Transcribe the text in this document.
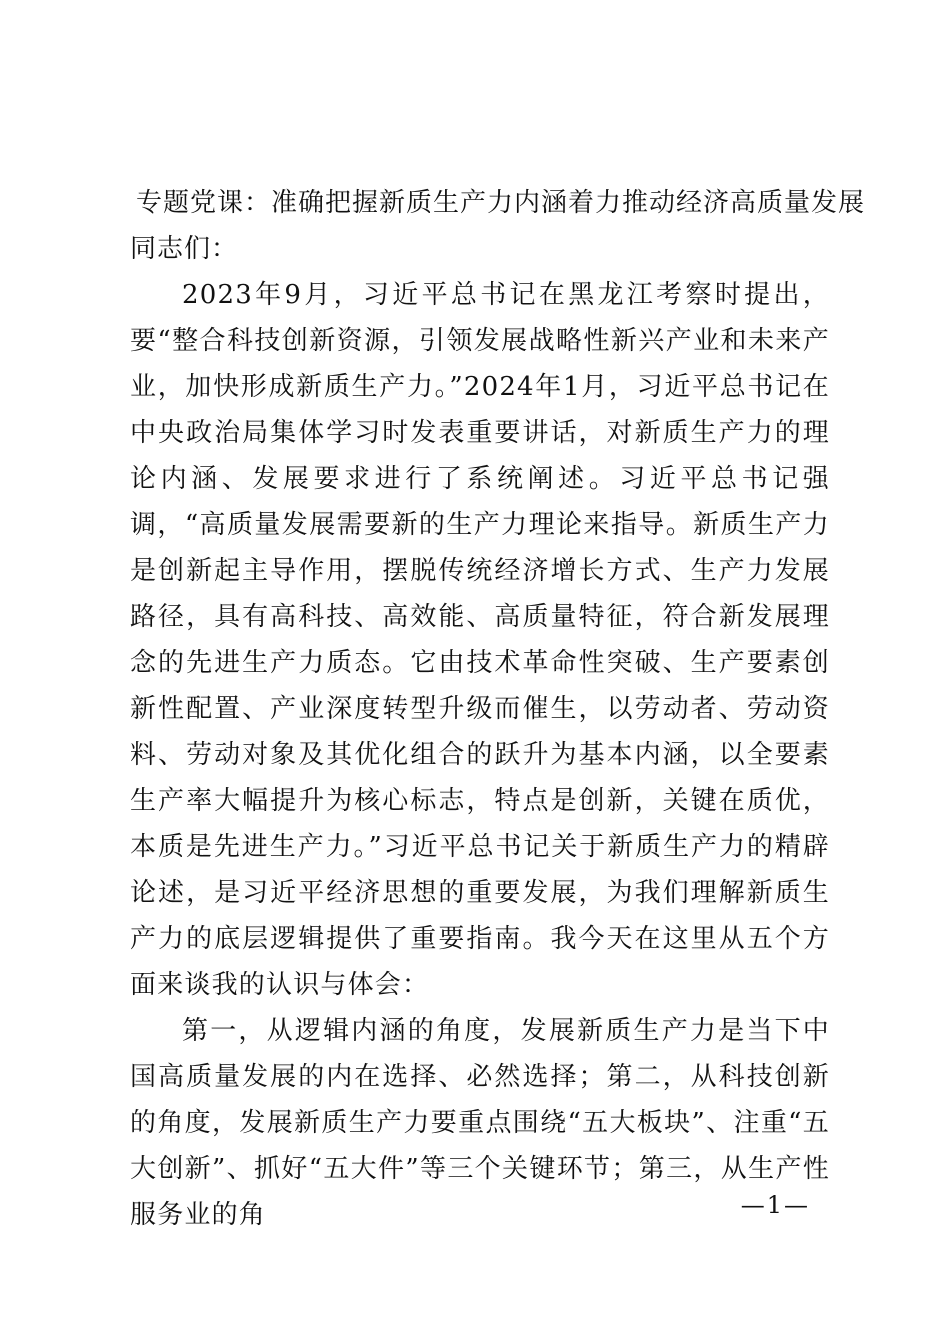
专题党课：准确把握新质生产力内涵着力推动经济高质量发展

同志们：

2023年9月，习近平总书记在黑龙江考察时提出，要“整合科技创新资源，引领发展战略性新兴产业和未来产业，加快形成新质生产力。”2024年1月，习近平总书记在中央政治局集体学习时发表重要讲话，对新质生产力的理论内涵、发展要求进行了系统阐述。习近平总书记强调，“高质量发展需要新的生产力理论来指导。新质生产力是创新起主导作用，摆脱传统经济增长方式、生产力发展路径，具有高科技、高效能、高质量特征，符合新发展理念的先进生产力质态。它由技术革命性突破、生产要素创新性配置、产业深度转型升级而催生，以劳动者、劳动资料、劳动对象及其优化组合的跃升为基本内涵，以全要素生产率大幅提升为核心标志，特点是创新，关键在质优，本质是先进生产力。”习近平总书记关于新质生产力的精辟论述，是习近平经济思想的重要发展，为我们理解新质生产力的底层逻辑提供了重要指南。我今天在这里从五个方面来谈我的认识与体会：

第一，从逻辑内涵的角度，发展新质生产力是当下中国高质量发展的内在选择、必然选择；第二，从科技创新的角度，发展新质生产力要重点围绕“五大板块”、注重“五大创新”、抓好“五大件”等三个关键环节；第三，从生产性服务业的角	—1—
